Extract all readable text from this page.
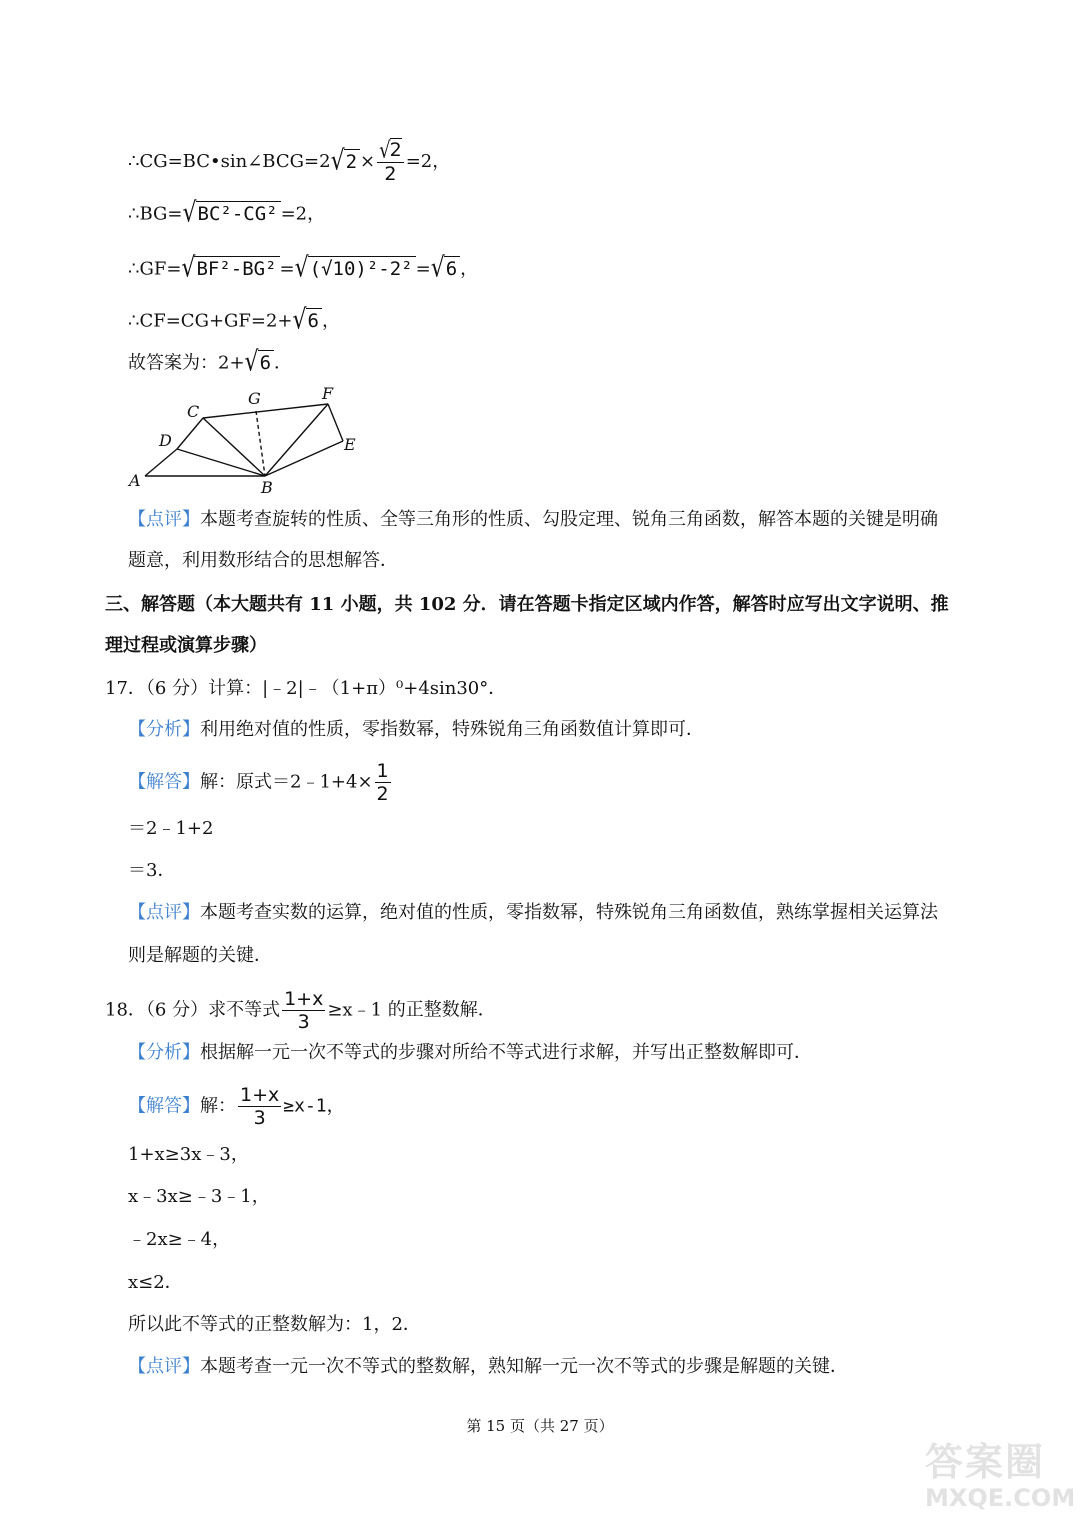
∴CG=BC•sin∠BCG=2√2 × $\frac{√2}{2} =2$，
∴BG=√BC²-CG² =2，
∴GF=√BF²-BG² =√(√10)²-2² =√6 ，
∴CF=CG+GF=2+√6 ，
故答案为：2+√6 ．
A	B
C
D	E
F
G
【点评】本题考查旋转的性质、全等三角形的性质、勾股定理、锐角三角函数，解答本题的关键是明确
题意，利用数形结合的思想解答．
三、解答题（本大题共有 11 小题，共 102 分．请在答题卡指定区域内作答，解答时应写出文字说明、推
理过程或演算步骤）
17．（6 分）计算：|﹣2|﹣（1+π）⁰+4sin30°．
【分析】利用绝对值的性质，零指数幂，特殊锐角三角函数值计算即可．
【解答】解：原式＝2﹣1+4× $\frac{1}{2}$
＝2﹣1+2
＝3．
【点评】本题考查实数的运算，绝对值的性质，零指数幂，特殊锐角三角函数值，熟练掌握相关运算法
则是解题的关键．
18．（6 分）求不等式 $\frac{1+x}{3}$ ≥x﹣1 的正整数解．
【分析】根据解一元一次不等式的步骤对所给不等式进行求解，并写出正整数解即可．
【解答】解： $\frac{1+x}{3} \ge x-1$，
1+x≥3x﹣3，
x﹣3x≥﹣3﹣1，
﹣2x≥﹣4，
x≤2．
所以此不等式的正整数解为：1，2．
【点评】本题考查一元一次不等式的整数解，熟知解一元一次不等式的步骤是解题的关键．
第 15 页（共 27 页）
答案圈
MXQE.COM
